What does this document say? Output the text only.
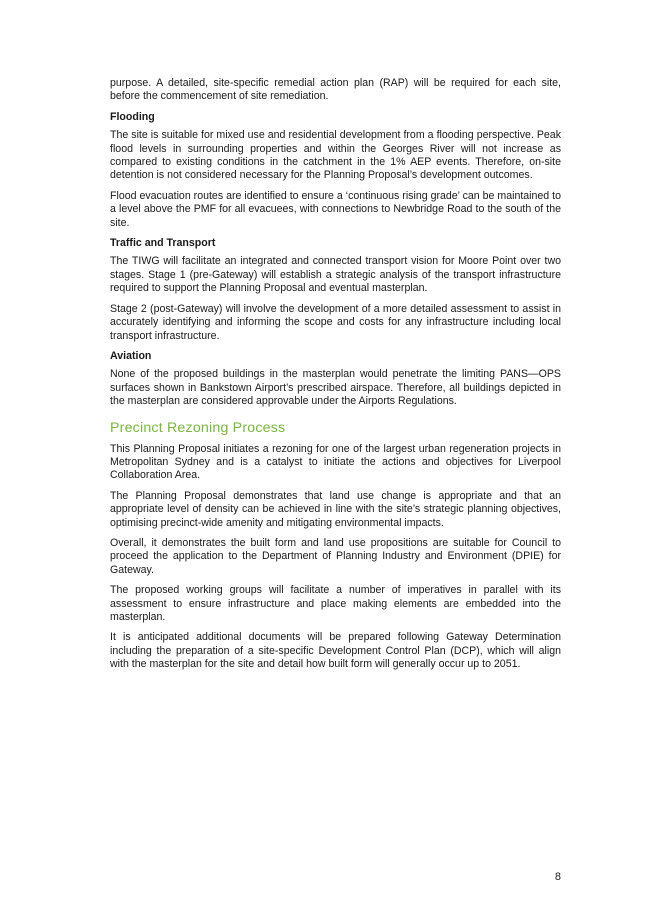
purpose. A detailed, site-specific remedial action plan (RAP) will be required for each site, before the commencement of site remediation.

Flooding

The site is suitable for mixed use and residential development from a flooding perspective. Peak flood levels in surrounding properties and within the Georges River will not increase as compared to existing conditions in the catchment in the 1% AEP events. Therefore, on-site detention is not considered necessary for the Planning Proposal’s development outcomes.

Flood evacuation routes are identified to ensure a ‘continuous rising grade’ can be maintained to a level above the PMF for all evacuees, with connections to Newbridge Road to the south of the site.

Traffic and Transport

The TIWG will facilitate an integrated and connected transport vision for Moore Point over two stages. Stage 1 (pre-Gateway) will establish a strategic analysis of the transport infrastructure required to support the Planning Proposal and eventual masterplan.

Stage 2 (post-Gateway) will involve the development of a more detailed assessment to assist in accurately identifying and informing the scope and costs for any infrastructure including local transport infrastructure.

Aviation

None of the proposed buildings in the masterplan would penetrate the limiting PANS—OPS surfaces shown in Bankstown Airport’s prescribed airspace. Therefore, all buildings depicted in the masterplan are considered approvable under the Airports Regulations.

Precinct Rezoning Process

This Planning Proposal initiates a rezoning for one of the largest urban regeneration projects in Metropolitan Sydney and is a catalyst to initiate the actions and objectives for Liverpool Collaboration Area.

The Planning Proposal demonstrates that land use change is appropriate and that an appropriate level of density can be achieved in line with the site’s strategic planning objectives, optimising precinct-wide amenity and mitigating environmental impacts.

Overall, it demonstrates the built form and land use propositions are suitable for Council to proceed the application to the Department of Planning Industry and Environment (DPIE) for Gateway.

The proposed working groups will facilitate a number of imperatives in parallel with its assessment to ensure infrastructure and place making elements are embedded into the masterplan.

It is anticipated additional documents will be prepared following Gateway Determination including the preparation of a site-specific Development Control Plan (DCP), which will align with the masterplan for the site and detail how built form will generally occur up to 2051.

8
